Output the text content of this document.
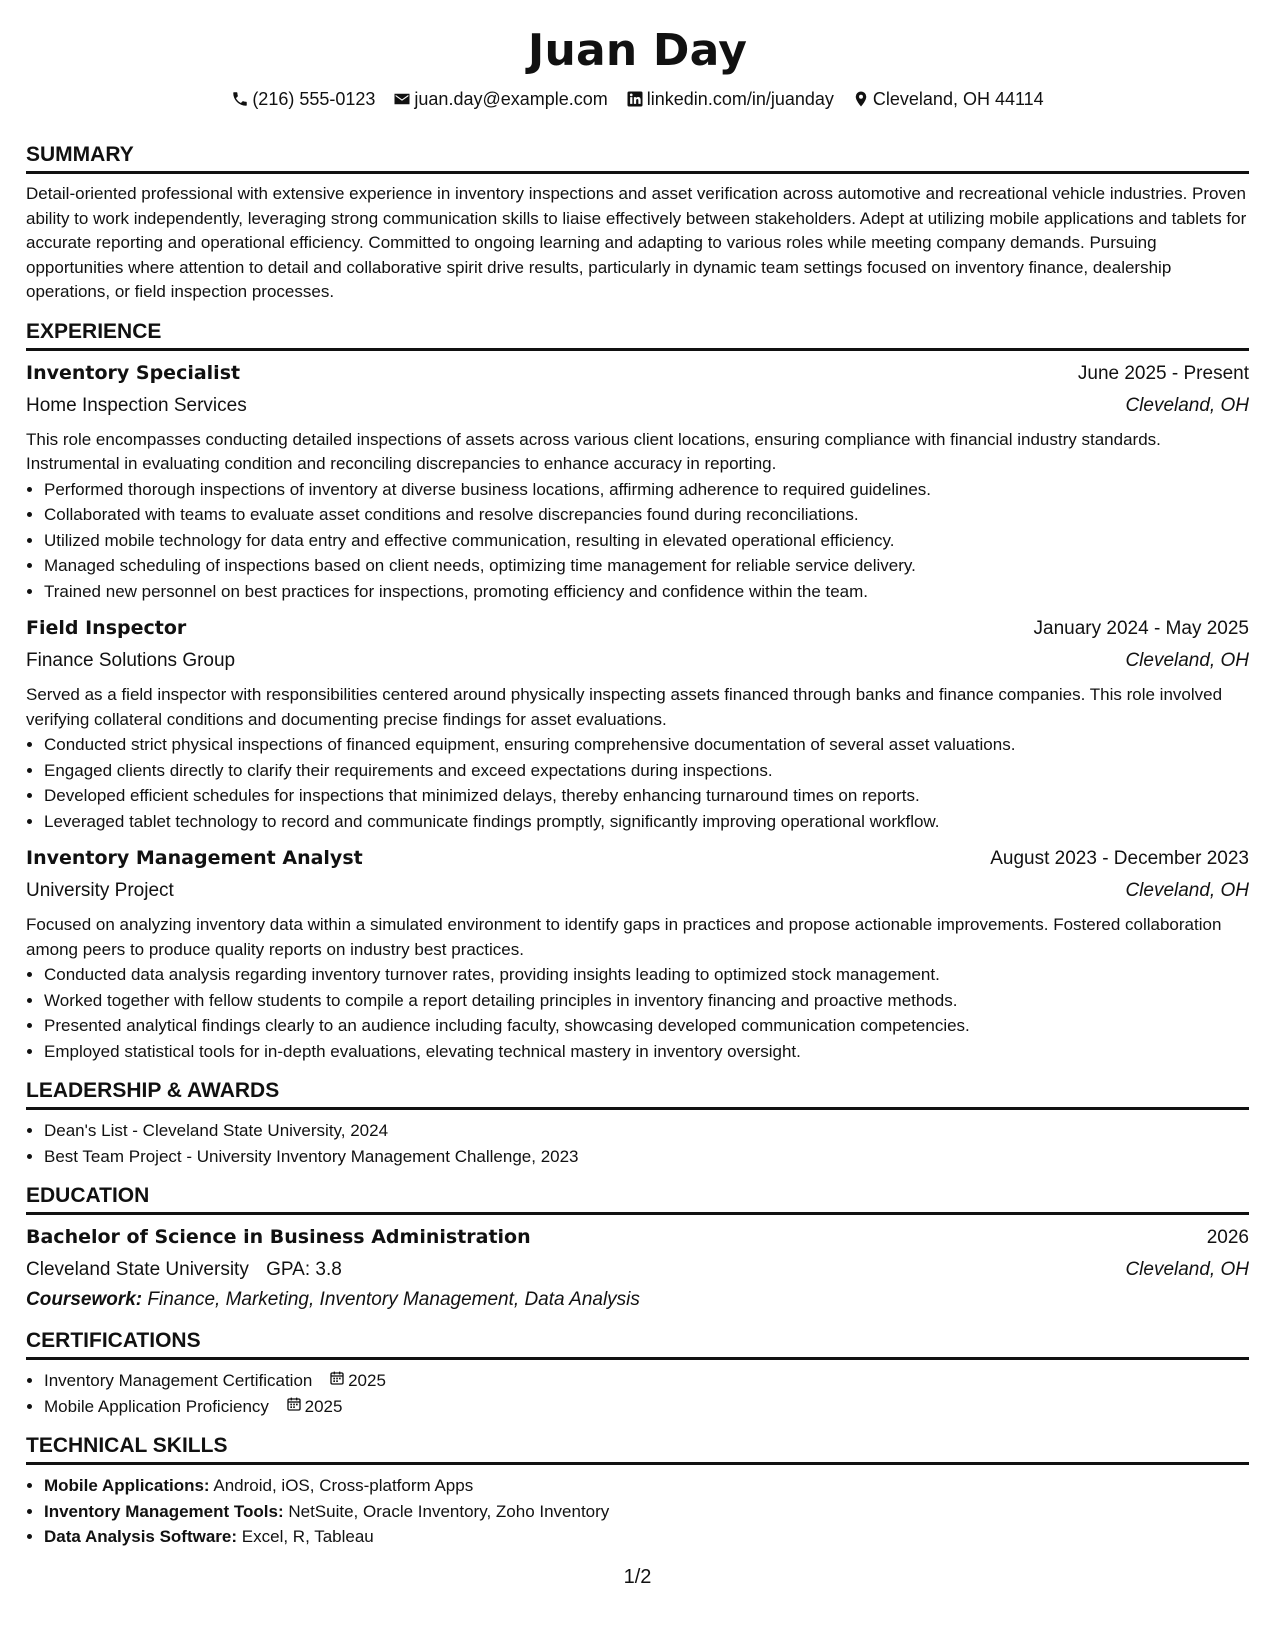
Juan Day
(216) 555-0123 juan.day@example.com linkedin.com/in/juanday Cleveland, OH 44114
SUMMARY

Detail-oriented professional with extensive experience in inventory inspections and asset verification across automotive and recreational vehicle industries. Proven ability to work independently, leveraging strong communication skills to liaise effectively between stakeholders. Adept at utilizing mobile applications and tablets for accurate reporting and operational efficiency. Committed to ongoing learning and adapting to various roles while meeting company demands. Pursuing opportunities where attention to detail and collaborative spirit drive results, particularly in dynamic team settings focused on inventory finance, dealership operations, or field inspection processes.

EXPERIENCE
Inventory Specialist	June 2025 - Present
Home Inspection Services	Cleveland, OH

This role encompasses conducting detailed inspections of assets across various client locations, ensuring compliance with financial industry standards. Instrumental in evaluating condition and reconciling discrepancies to enhance accuracy in reporting.

• Performed thorough inspections of inventory at diverse business locations, affirming adherence to required guidelines.
• Collaborated with teams to evaluate asset conditions and resolve discrepancies found during reconciliations.
• Utilized mobile technology for data entry and effective communication, resulting in elevated operational efficiency.
• Managed scheduling of inspections based on client needs, optimizing time management for reliable service delivery.
• Trained new personnel on best practices for inspections, promoting efficiency and confidence within the team.
Field Inspector	January 2024 - May 2025
Finance Solutions Group	Cleveland, OH

Served as a field inspector with responsibilities centered around physically inspecting assets financed through banks and finance companies. This role involved verifying collateral conditions and documenting precise findings for asset evaluations.

• Conducted strict physical inspections of financed equipment, ensuring comprehensive documentation of several asset valuations.
• Engaged clients directly to clarify their requirements and exceed expectations during inspections.
• Developed efficient schedules for inspections that minimized delays, thereby enhancing turnaround times on reports.
• Leveraged tablet technology to record and communicate findings promptly, significantly improving operational workflow.
Inventory Management Analyst	August 2023 - December 2023
University Project	Cleveland, OH

Focused on analyzing inventory data within a simulated environment to identify gaps in practices and propose actionable improvements. Fostered collaboration among peers to produce quality reports on industry best practices.

• Conducted data analysis regarding inventory turnover rates, providing insights leading to optimized stock management.
• Worked together with fellow students to compile a report detailing principles in inventory financing and proactive methods.
• Presented analytical findings clearly to an audience including faculty, showcasing developed communication competencies.
• Employed statistical tools for in-depth evaluations, elevating technical mastery in inventory oversight.
LEADERSHIP & AWARDS
• Dean's List - Cleveland State University, 2024
• Best Team Project - University Inventory Management Challenge, 2023
EDUCATION
Bachelor of Science in Business Administration	2026
Cleveland State University GPA: 3.8	Cleveland, OH
Coursework: Finance, Marketing, Inventory Management, Data Analysis
CERTIFICATIONS
• Inventory Management Certification 2025
• Mobile Application Proficiency 2025
TECHNICAL SKILLS
• Mobile Applications: Android, iOS, Cross-platform Apps
• Inventory Management Tools: NetSuite, Oracle Inventory, Zoho Inventory
• Data Analysis Software: Excel, R, Tableau
1/2
